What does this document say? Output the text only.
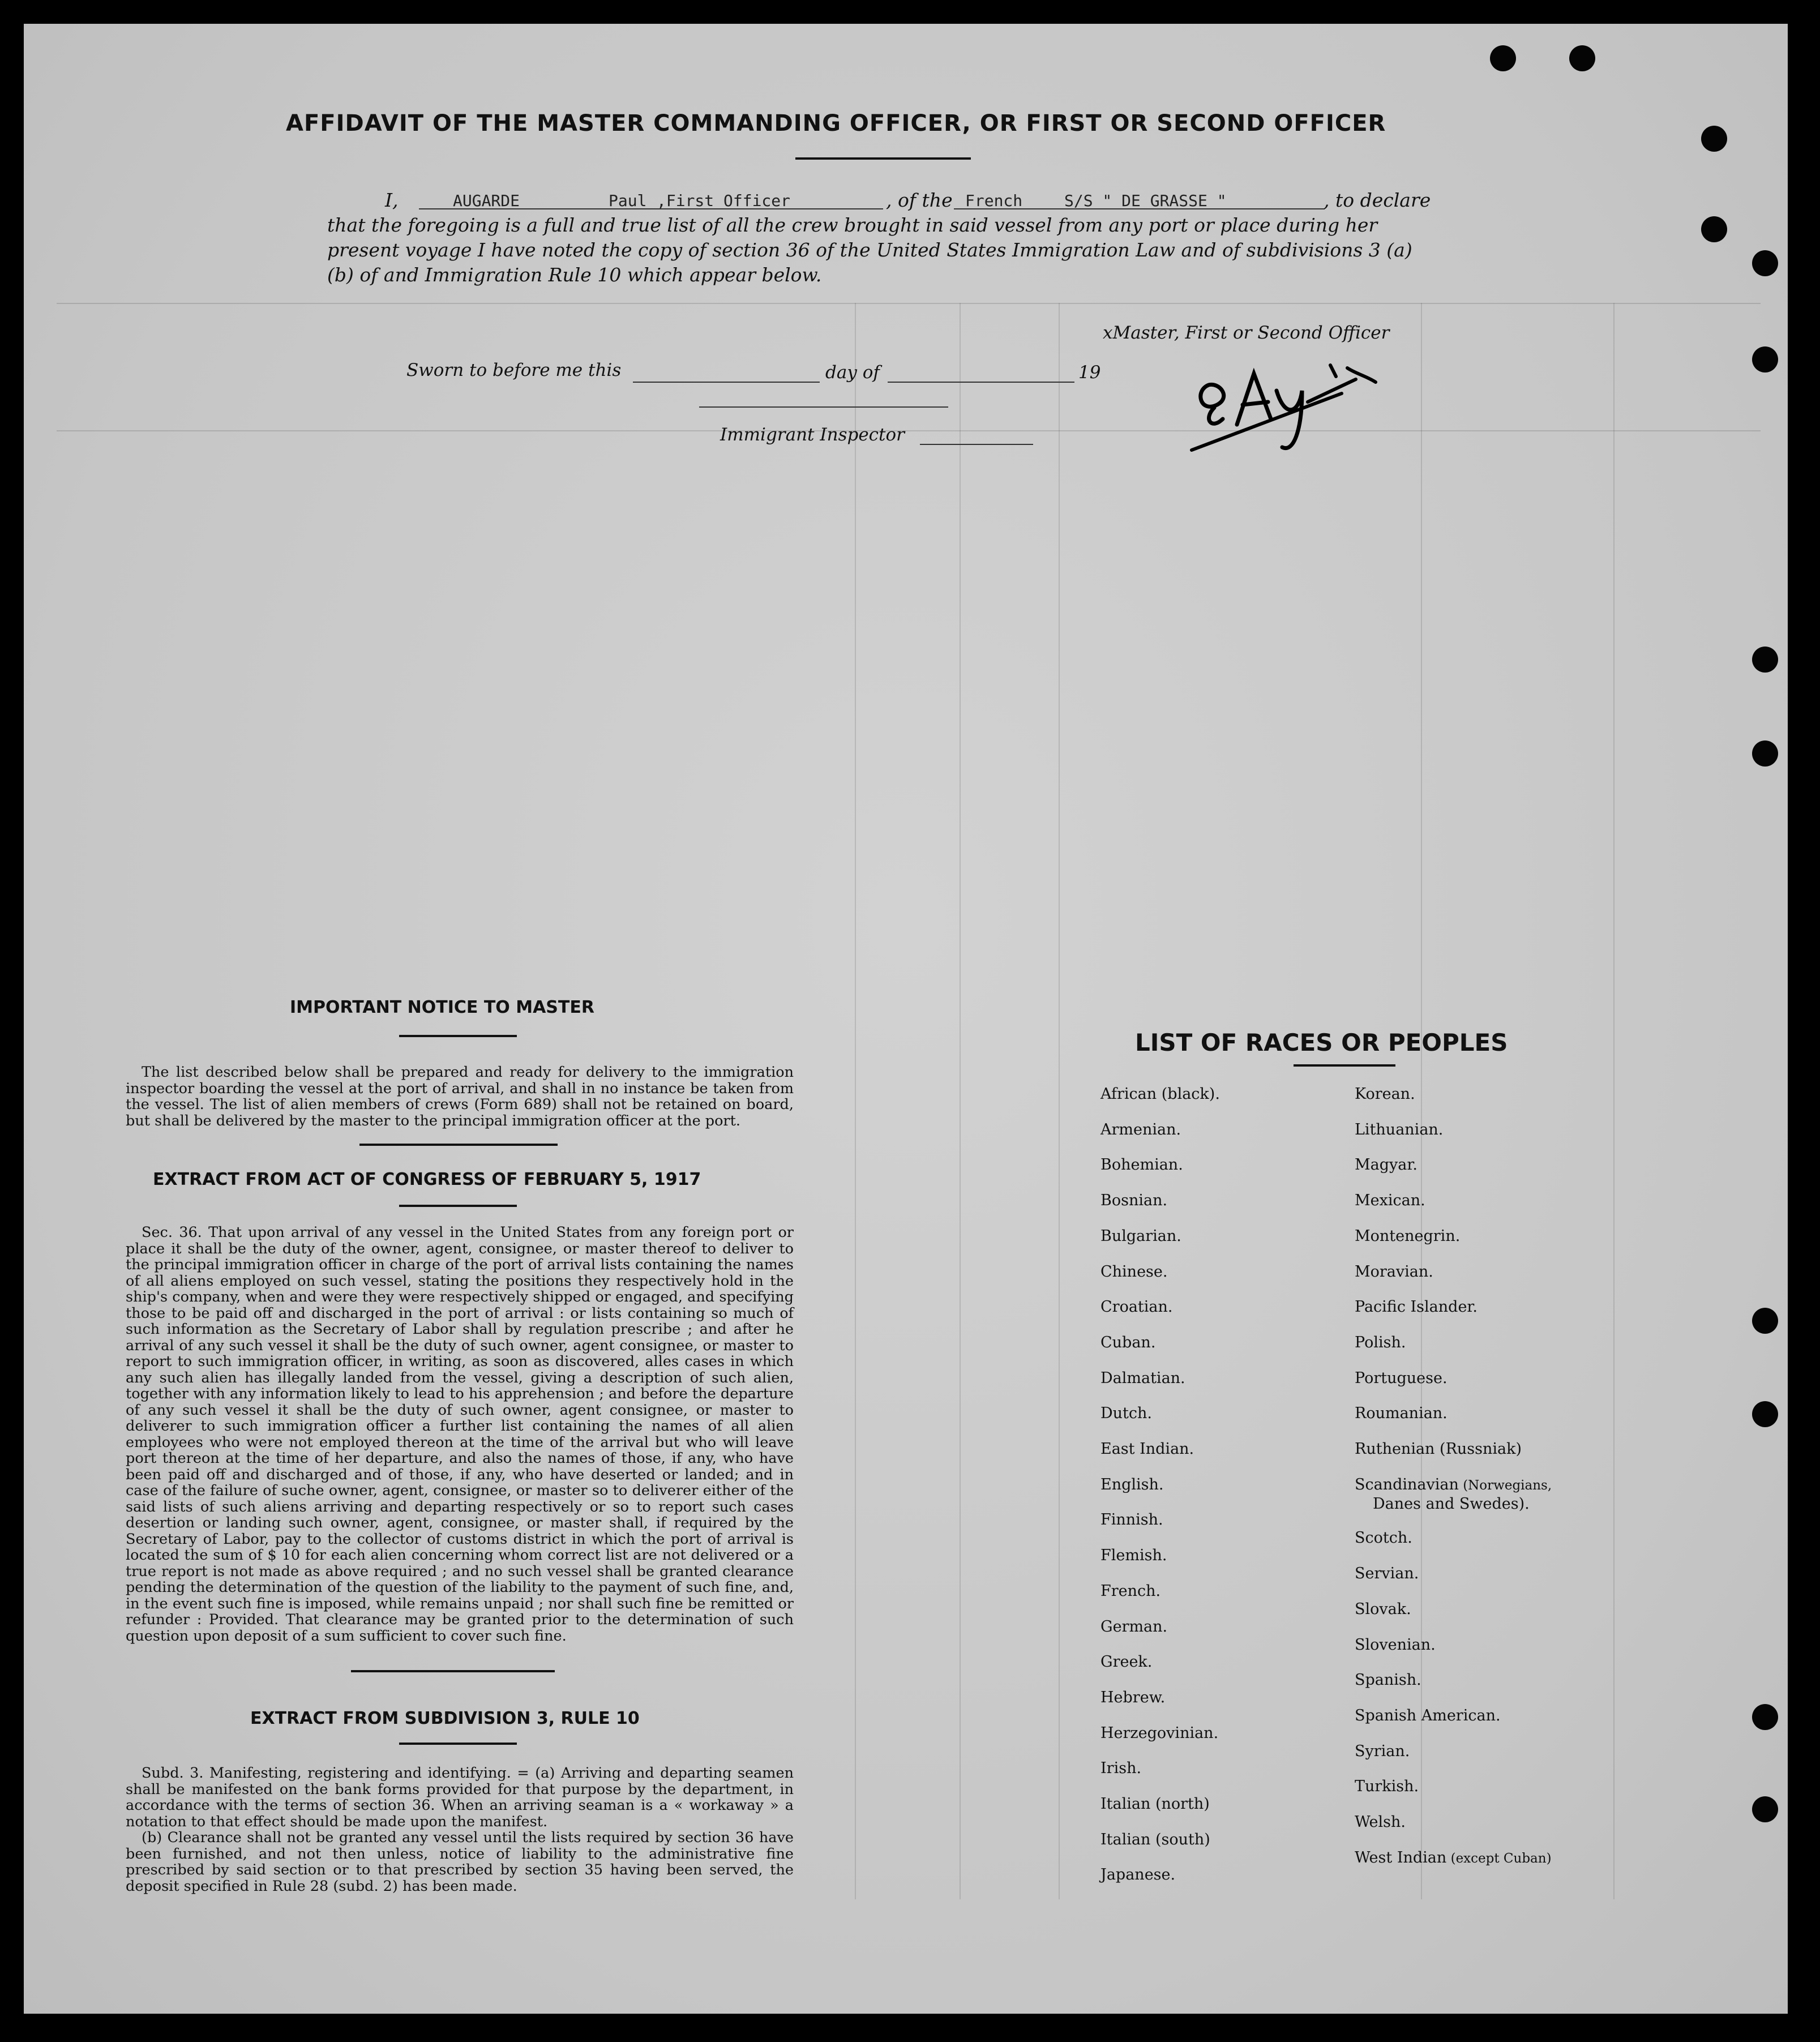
AFFIDAVIT OF THE MASTER COMMANDING OFFICER, OR FIRST OR SECOND OFFICER
I,	AUGARDE	Paul ,First Officer	, of the French	S/S " DE GRASSE "	, to declare
that the foregoing is a full and true list of all the crew brought in said vessel from any port or place during her
present voyage I have noted the copy of section 36 of the United States Immigration Law and of subdivisions 3 (a)
(b) of and Immigration Rule 10 which appear below.
xMaster, First or Second Officer
Sworn to before me this	day of	19
Immigrant Inspector
IMPORTANT NOTICE TO MASTER

The list described below shall be prepared and ready for delivery to the immigration inspector boarding the vessel at the port of arrival, and shall in no instance be taken from the vessel. The list of alien members of crews (Form 689) shall not be retained on board, but shall be delivered by the master to the principal immigration officer at the port.

EXTRACT FROM ACT OF CONGRESS OF FEBRUARY 5, 1917

Sec. 36. That upon arrival of any vessel in the United States from any foreign port or place it shall be the duty of the owner, agent, consignee, or master thereof to deliver to the principal immigration officer in charge of the port of arrival lists containing the names of all aliens employed on such vessel, stating the positions they respectively hold in the ship's company, when and were they were respectively shipped or engaged, and specifying those to be paid off and discharged in the port of arrival : or lists containing so much of such information as the Secretary of Labor shall by regulation prescribe ; and after he arrival of any such vessel it shall be the duty of such owner, agent consignee, or master to report to such immigration officer, in writing, as soon as discovered, alles cases in which any such alien has illegally landed from the vessel, giving a description of such alien, together with any information likely to lead to his apprehension ; and before the departure of any such vessel it shall be the duty of such owner, agent consignee, or master to deliverer to such immigration officer a further list containing the names of all alien employees who were not employed thereon at the time of the arrival but who will leave port thereon at the time of her departure, and also the names of those, if any, who have been paid off and discharged and of those, if any, who have deserted or landed; and in case of the failure of suche owner, agent, consignee, or master so to deliverer either of the said lists of such aliens arriving and departing respectively or so to report such cases desertion or landing such owner, agent, consignee, or master shall, if required by the Secretary of Labor, pay to the collector of customs district in which the port of arrival is located the sum of $ 10 for each alien concerning whom correct list are not delivered or a true report is not made as above required ; and no such vessel shall be granted clearance pending the determination of the question of the liability to the payment of such fine, and, in the event such fine is imposed, while remains unpaid ; nor shall such fine be remitted or refunder : Provided. That clearance may be granted prior to the determination of such question upon deposit of a sum sufficient to cover such fine.

EXTRACT FROM SUBDIVISION 3, RULE 10

Subd. 3. Manifesting, registering and identifying. = (a) Arriving and departing seamen shall be manifested on the bank forms provided for that purpose by the department, in accordance with the terms of section 36. When an arriving seaman is a « workaway » a notation to that effect should be made upon the manifest.

(b) Clearance shall not be granted any vessel until the lists required by section 36 have been furnished, and not then unless, notice of liability to the administrative fine prescribed by said section or to that prescribed by section 35 having been served, the deposit specified in Rule 28 (subd. 2) has been made.

LIST OF RACES OR PEOPLES
African (black).
Armenian.
Bohemian.
Bosnian.
Bulgarian.
Chinese.
Croatian.
Cuban.
Dalmatian.
Dutch.
East Indian.
English.
Finnish.
Flemish.
French.
German.
Greek.
Hebrew.
Herzegovinian.
Irish.
Italian (north)
Italian (south)
Japanese.
Korean.
Lithuanian.
Magyar.
Mexican.
Montenegrin.
Moravian.
Pacific Islander.
Polish.
Portuguese.
Roumanian.
Ruthenian (Russniak)
Danes and Swedes).
Scandinavian (Norwegians,
Scotch.
Servian.
Slovak.
Slovenian.
Spanish.
Spanish American.
Syrian.
Turkish.
Welsh.
West Indian (except Cuban)
